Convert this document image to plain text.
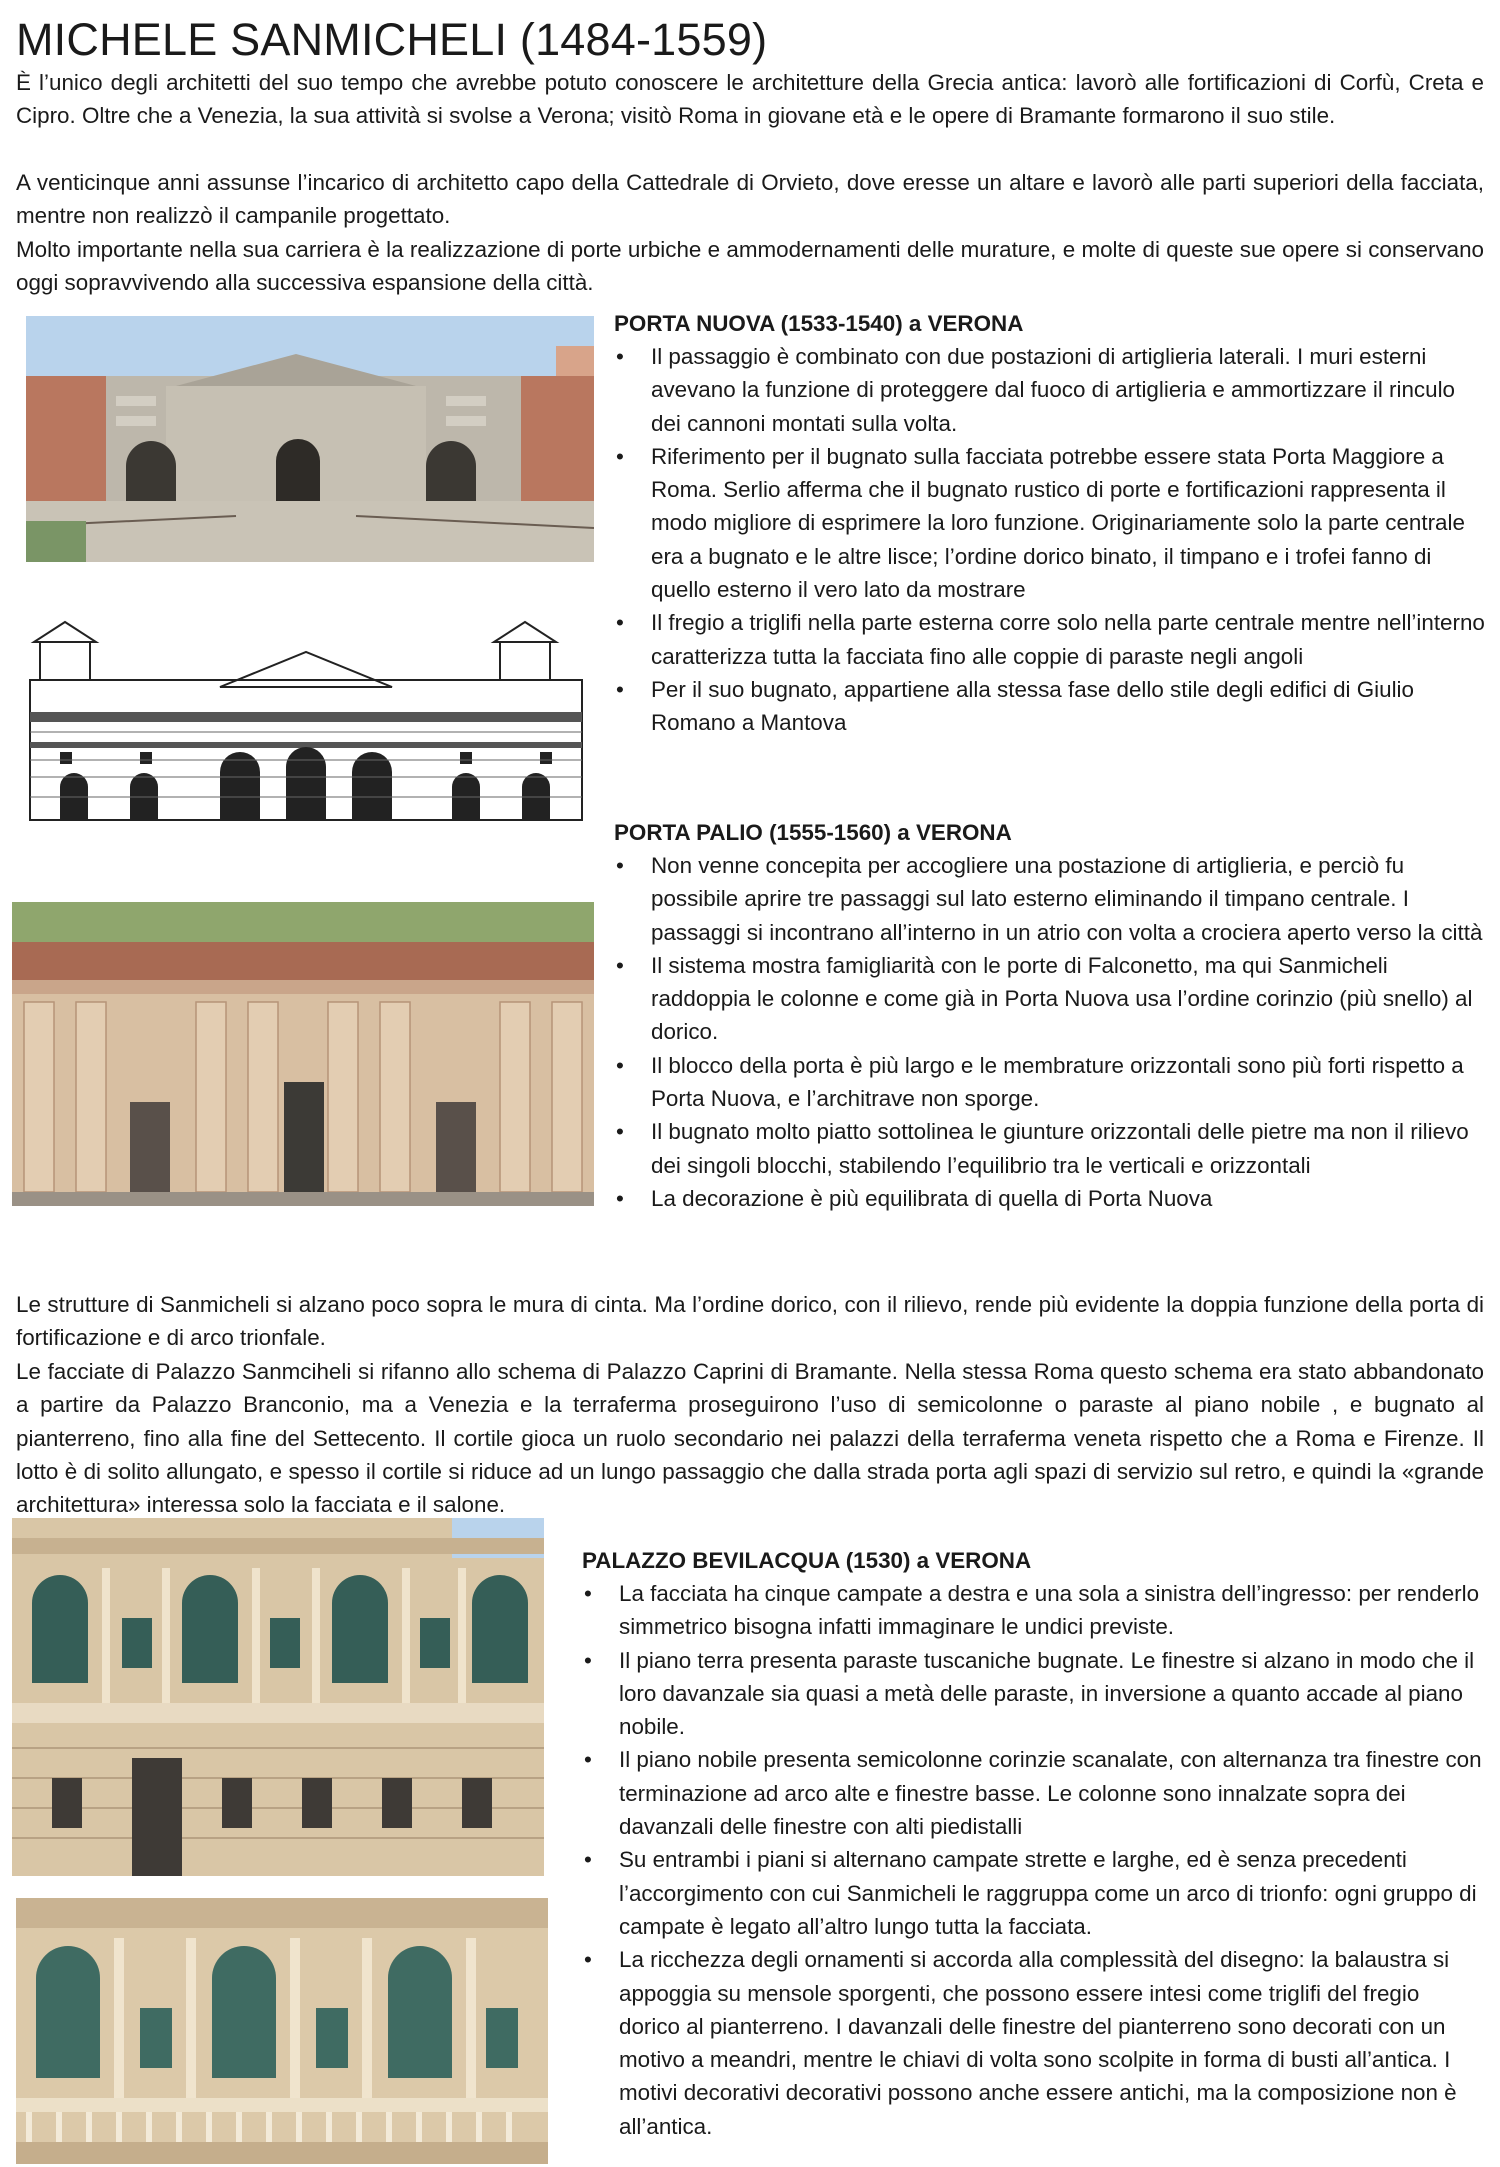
MICHELE SANMICHELI (1484-1559)

È l’unico degli architetti del suo tempo che avrebbe potuto conoscere le architetture della Grecia antica: lavorò alle fortificazioni di Corfù, Creta e Cipro. Oltre che a Venezia, la sua attività si svolse a Verona; visitò Roma in giovane età e le opere di Bramante formarono il suo stile.

A venticinque anni assunse l’incarico di architetto capo della Cattedrale di Orvieto, dove eresse un altare e lavorò alle parti superiori della facciata, mentre non realizzò il campanile progettato.

Molto importante nella sua carriera è la realizzazione di porte urbiche e ammodernamenti delle murature, e molte di queste sue opere si conservano oggi sopravvivendo alla successiva espansione della città.

PORTA NUOVA (1533-1540) a VERONA
• Il passaggio è combinato con due postazioni di artiglieria laterali. I muri esterni avevano la funzione di proteggere dal fuoco di artiglieria e ammortizzare il rinculo dei cannoni montati sulla volta.
• Riferimento per il bugnato sulla facciata potrebbe essere stata Porta Maggiore a Roma. Serlio afferma che il bugnato rustico di porte e fortificazioni rappresenta il modo migliore di esprimere la loro funzione. Originariamente solo la parte centrale era a bugnato e le altre lisce; l’ordine dorico binato, il timpano e i trofei fanno di quello esterno il vero lato da mostrare
• Il fregio a triglifi nella parte esterna corre solo nella parte centrale mentre nell’interno caratterizza tutta la facciata fino alle coppie di paraste negli angoli
• Per il suo bugnato, appartiene alla stessa fase dello stile degli edifici di Giulio Romano a Mantova
PORTA PALIO (1555-1560) a VERONA
• Non venne concepita per accogliere una postazione di artiglieria, e perciò fu possibile aprire tre passaggi sul lato esterno eliminando il timpano centrale. I passaggi si incontrano all’interno in un atrio con volta a crociera aperto verso la città
• Il sistema mostra famigliarità con le porte di Falconetto, ma qui Sanmicheli raddoppia le colonne e come già in Porta Nuova usa l’ordine corinzio (più snello) al dorico.
• Il blocco della porta è più largo e le membrature orizzontali sono più forti rispetto a Porta Nuova, e l’architrave non sporge.
• Il bugnato molto piatto sottolinea le giunture orizzontali delle pietre ma non il rilievo dei singoli blocchi, stabilendo l’equilibrio tra le verticali e orizzontali
• La decorazione è più equilibrata di quella di Porta Nuova

Le strutture di Sanmicheli si alzano poco sopra le mura di cinta. Ma l’ordine dorico, con il rilievo, rende più evidente la doppia funzione della porta di fortificazione e di arco trionfale.

Le facciate di Palazzo Sanmciheli si rifanno allo schema di Palazzo Caprini di Bramante. Nella stessa Roma questo schema era stato abbandonato a partire da Palazzo Branconio, ma a Venezia e la terraferma proseguirono l’uso di semicolonne o paraste al piano nobile , e bugnato al pianterreno, fino alla fine del Settecento. Il cortile gioca un ruolo secondario nei palazzi della terraferma veneta rispetto che a Roma e Firenze. Il lotto è di solito allungato, e spesso il cortile si riduce ad un lungo passaggio che dalla strada porta agli spazi di servizio sul retro, e quindi la «grande architettura» interessa solo la facciata e il salone.

PALAZZO BEVILACQUA (1530) a VERONA
• La facciata ha cinque campate a destra e una sola a sinistra dell’ingresso: per renderlo simmetrico bisogna infatti immaginare le undici previste.
• Il piano terra presenta paraste tuscaniche bugnate. Le finestre si alzano in modo che il loro davanzale sia quasi a metà delle paraste, in inversione a quanto accade al piano nobile.
• Il piano nobile presenta semicolonne corinzie scanalate, con alternanza tra finestre con terminazione ad arco alte e finestre basse. Le colonne sono innalzate sopra dei davanzali delle finestre con alti piedistalli
• Su entrambi i piani si alternano campate strette e larghe, ed è senza precedenti l’accorgimento con cui Sanmicheli le raggruppa come un arco di trionfo: ogni gruppo di campate è legato all’altro lungo tutta la facciata.
• La ricchezza degli ornamenti si accorda alla complessità del disegno: la balaustra si appoggia su mensole sporgenti, che possono essere intesi come triglifi del fregio dorico al pianterreno. I davanzali delle finestre del pianterreno sono decorati con un motivo a meandri, mentre le chiavi di volta sono scolpite in forma di busti all’antica. I motivi decorativi decorativi possono anche essere antichi, ma la composizione non è all’antica.
